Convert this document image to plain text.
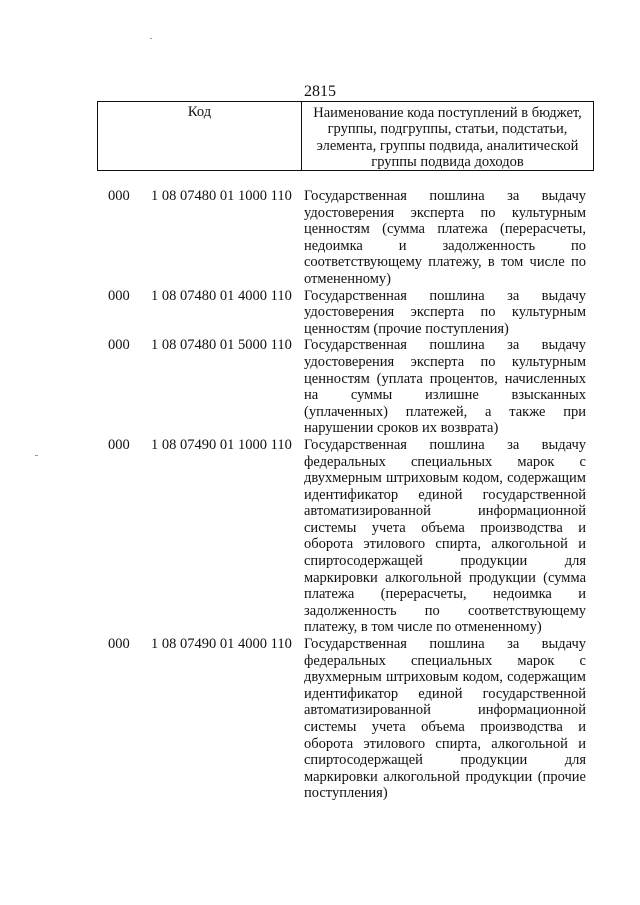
2815
Код	Наименование кода поступлений в бюджет, группы, подгруппы, статьи, подстатьи, элемента, группы подвида, аналитической группы подвида доходов
000 1 08 07480 01 1000 110 Государственная пошлина за выдачу удостоверения эксперта по культурным ценностям (сумма платежа (перерасчеты, недоимка и задолженность по соответствующему платежу, в том числе по отмененному)
000 1 08 07480 01 4000 110 Государственная пошлина за выдачу удостоверения эксперта по культурным ценностям (прочие поступления)
000 1 08 07480 01 5000 110 Государственная пошлина за выдачу удостоверения эксперта по культурным ценностям (уплата процентов, начисленных на суммы излишне взысканных (уплаченных) платежей, а также при нарушении сроков их возврата)
000 1 08 07490 01 1000 110 Государственная пошлина за выдачу федеральных специальных марок с двухмерным штриховым кодом, содержащим идентификатор единой государственной автоматизированной информационной системы учета объема производства и оборота этилового спирта, алкогольной и спиртосодержащей продукции для маркировки алкогольной продукции (сумма платежа (перерасчеты, недоимка и задолженность по соответствующему платежу, в том числе по отмененному)
000 1 08 07490 01 4000 110 Государственная пошлина за выдачу федеральных специальных марок с двухмерным штриховым кодом, содержащим идентификатор единой государственной автоматизированной информационной системы учета объема производства и оборота этилового спирта, алкогольной и спиртосодержащей продукции для маркировки алкогольной продукции (прочие поступления)
